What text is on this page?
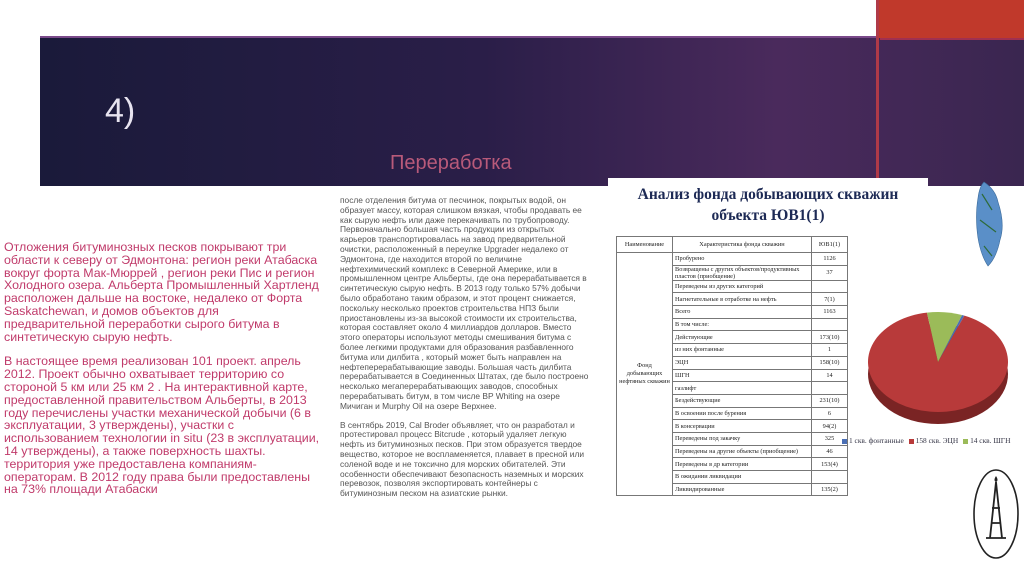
4)
Переработка

Отложения битуминозных песков покрывают три области к северу от Эдмонтона: регион реки Атабаска вокруг форта Мак-Мюррей , регион реки Пис и регион Холодного озера. Альберта Промышленный Хартленд расположен дальше на востоке, недалеко от Форта Saskatchewan, и домов объектов для предварительной переработки сырого битума в синтетическую сырую нефть.

В настоящее время реализован 101 проект. апрель 2012. Проект обычно охватывает территорию со стороной 5 км или 25 км 2 . На интерактивной карте, предоставленной правительством Альберты, в 2013 году перечислены участки механической добычи (6 в эксплуатации, 3 утверждены), участки с использованием технологии in situ (23 в эксплуатации, 14 утверждены), а также поверхность шахты. территория уже предоставлена компаниям-операторам. В 2012 году права были предоставлены на 73% площади Атабаски

после отделения битума от песчинок, покрытых водой, он образует массу, которая слишком вязкая, чтобы продавать ее как сырую нефть или даже перекачивать по трубопроводу. Первоначально большая часть продукции из открытых карьеров транспортировалась на завод предварительной очистки, расположенный в переулке Upgrader недалеко от Эдмонтона, где находится второй по величине нефтехимический комплекс в Северной Америке, или в промышленном центре Альберты, где она перерабатывается в синтетическую сырую нефть. В 2013 году только 57% добычи было обработано таким образом, и этот процент снижается, поскольку несколько проектов строительства НПЗ были приостановлены из-за высокой стоимости их строительства, которая составляет около 4 миллиардов долларов. Вместо этого операторы используют методы смешивания битума с более легкими продуктами для образования разбавленного битума или дилбита , который может быть направлен на нефтеперерабатывающие заводы. Большая часть дилбита перерабатывается в Соединенных Штатах, где было построено несколько мегаперерабатывающих заводов, способных перерабатывать битум, в том числе BP Whiting на озере Мичиган и Murphy Oil на озере Верхнее.

В сентябрь 2019, Cal Broder объявляет, что он разработал и протестировал процесс Bitcrude , который удаляет легкую нефть из битуминозных песков. При этом образуется твердое вещество, которое не воспламеняется, плавает в пресной или соленой воде и не токсично для морских обитателей. Эти особенности обеспечивают безопасность наземных и морских перевозок, позволяя экспортировать контейнеры с битуминозным песком на азиатские рынки.

Анализ фонда добывающих скважин
объекта ЮВ1(1)
Наименование	Характеристика фонда скважин	ЮВ1(1)
Фонд добывающих нефтяных скважин	Пробурено	1126
	Возвращены с других объектов/продуктивных пластов (приобщение)	37
	Переведены из других категорий	
	Нагнетательные в отработке на нефть	7(1)
	Всего	1163
	В том числе:	
	Действующие	173(10)
	из них фонтанные	1
	ЭЦН	158(10)
	ШГН	14
	газлифт	
	Бездействующие	231(10)
	В освоении после бурения	6
	В консервации	94(2)
	Переведены под закачку	325
	Переведены на другие объекты (приобщение)	46
	Переведены в др категории	153(4)
	В ожидании ликвидации	
	Ликвидированные	135(2)
1 скв. фонтанные 158 скв. ЭЦН 14 скв. ШГН
